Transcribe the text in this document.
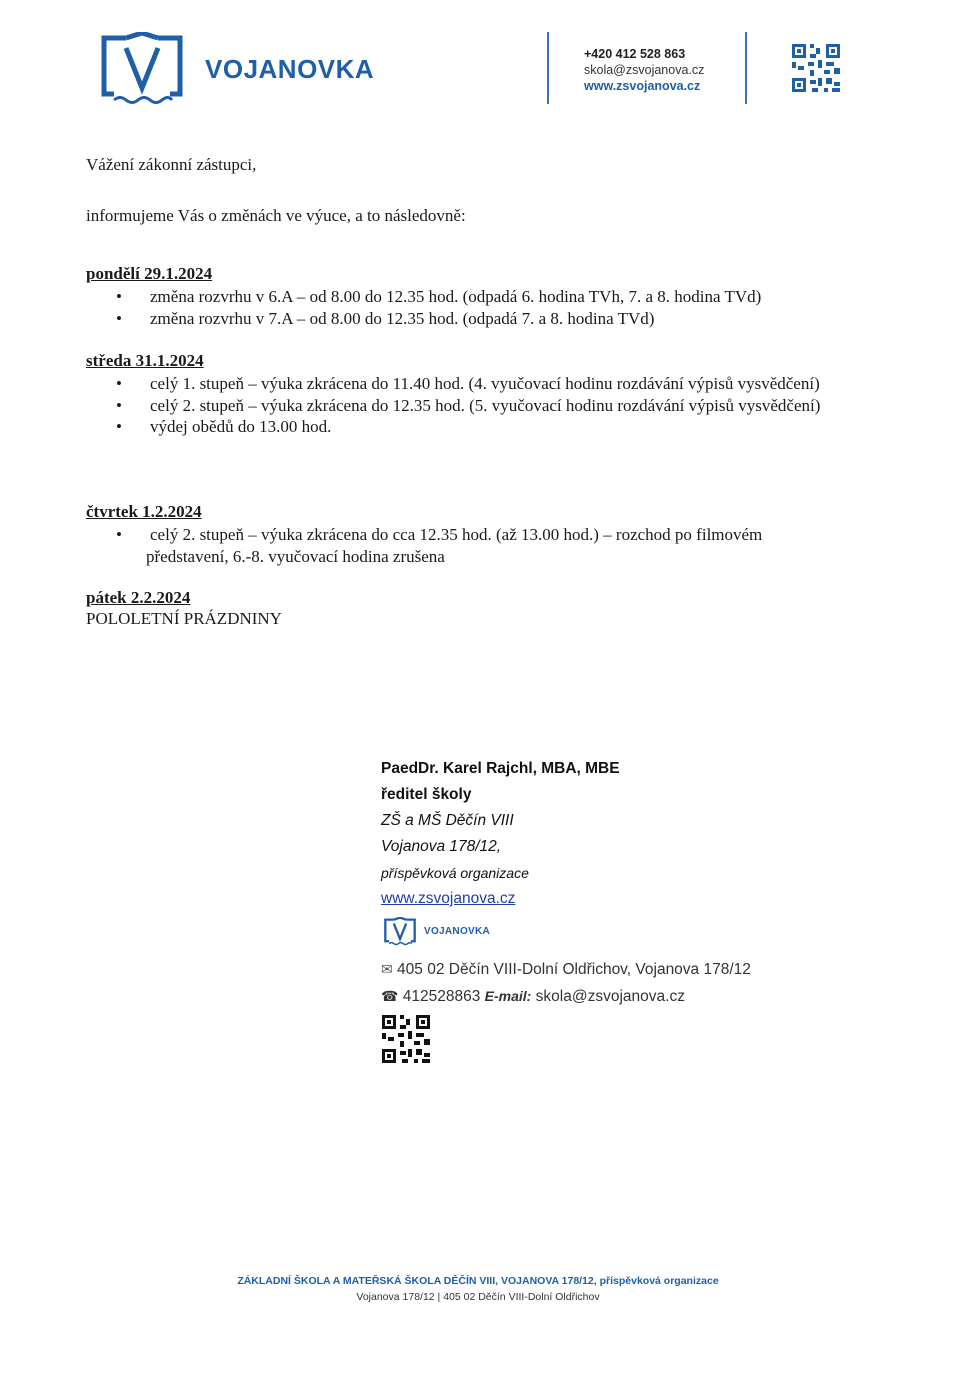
VOJANOVKA	+420 412 528 863
skola@zsvojanova.cz
www.zsvojanova.cz
Vážení zákonní zástupci,
informujeme Vás o změnách ve výuce, a to následovně:
pondělí 29.1.2024
• změna rozvrhu v 6.A – od 8.00 do 12.35 hod. (odpadá 6. hodina TVh, 7. a 8. hodina TVd)
• změna rozvrhu v 7.A – od 8.00 do 12.35 hod. (odpadá 7. a 8. hodina TVd)
středa 31.1.2024
• celý 1. stupeň – výuka zkrácena do 11.40 hod. (4. vyučovací hodinu rozdávání výpisů vysvědčení)
• celý 2. stupeň – výuka zkrácena do 12.35 hod. (5. vyučovací hodinu rozdávání výpisů vysvědčení)
• výdej obědů do 13.00 hod.
čtvrtek 1.2.2024
• celý 2. stupeň – výuka zkrácena do cca 12.35 hod. (až 13.00 hod.) – rozchod po filmovém představení, 6.-8. vyučovací hodina zrušena
pátek 2.2.2024
POLOLETNÍ PRÁZDNINY
PaedDr. Karel Rajchl, MBA, MBE
ředitel školy
ZŠ a MŠ Děčín VIII
Vojanova 178/12,
příspěvková organizace
www.zsvojanova.cz
VOJANOVKA
✉ 405 02 Děčín VIII-Dolní Oldřichov, Vojanova 178/12
☎ 412528863 E-mail: skola@zsvojanova.cz
ZÁKLADNÍ ŠKOLA A MATEŘSKÁ ŠKOLA DĚČÍN VIII, VOJANOVA 178/12, příspěvková organizace
Vojanova 178/12 | 405 02 Děčín VIII-Dolní Oldřichov
